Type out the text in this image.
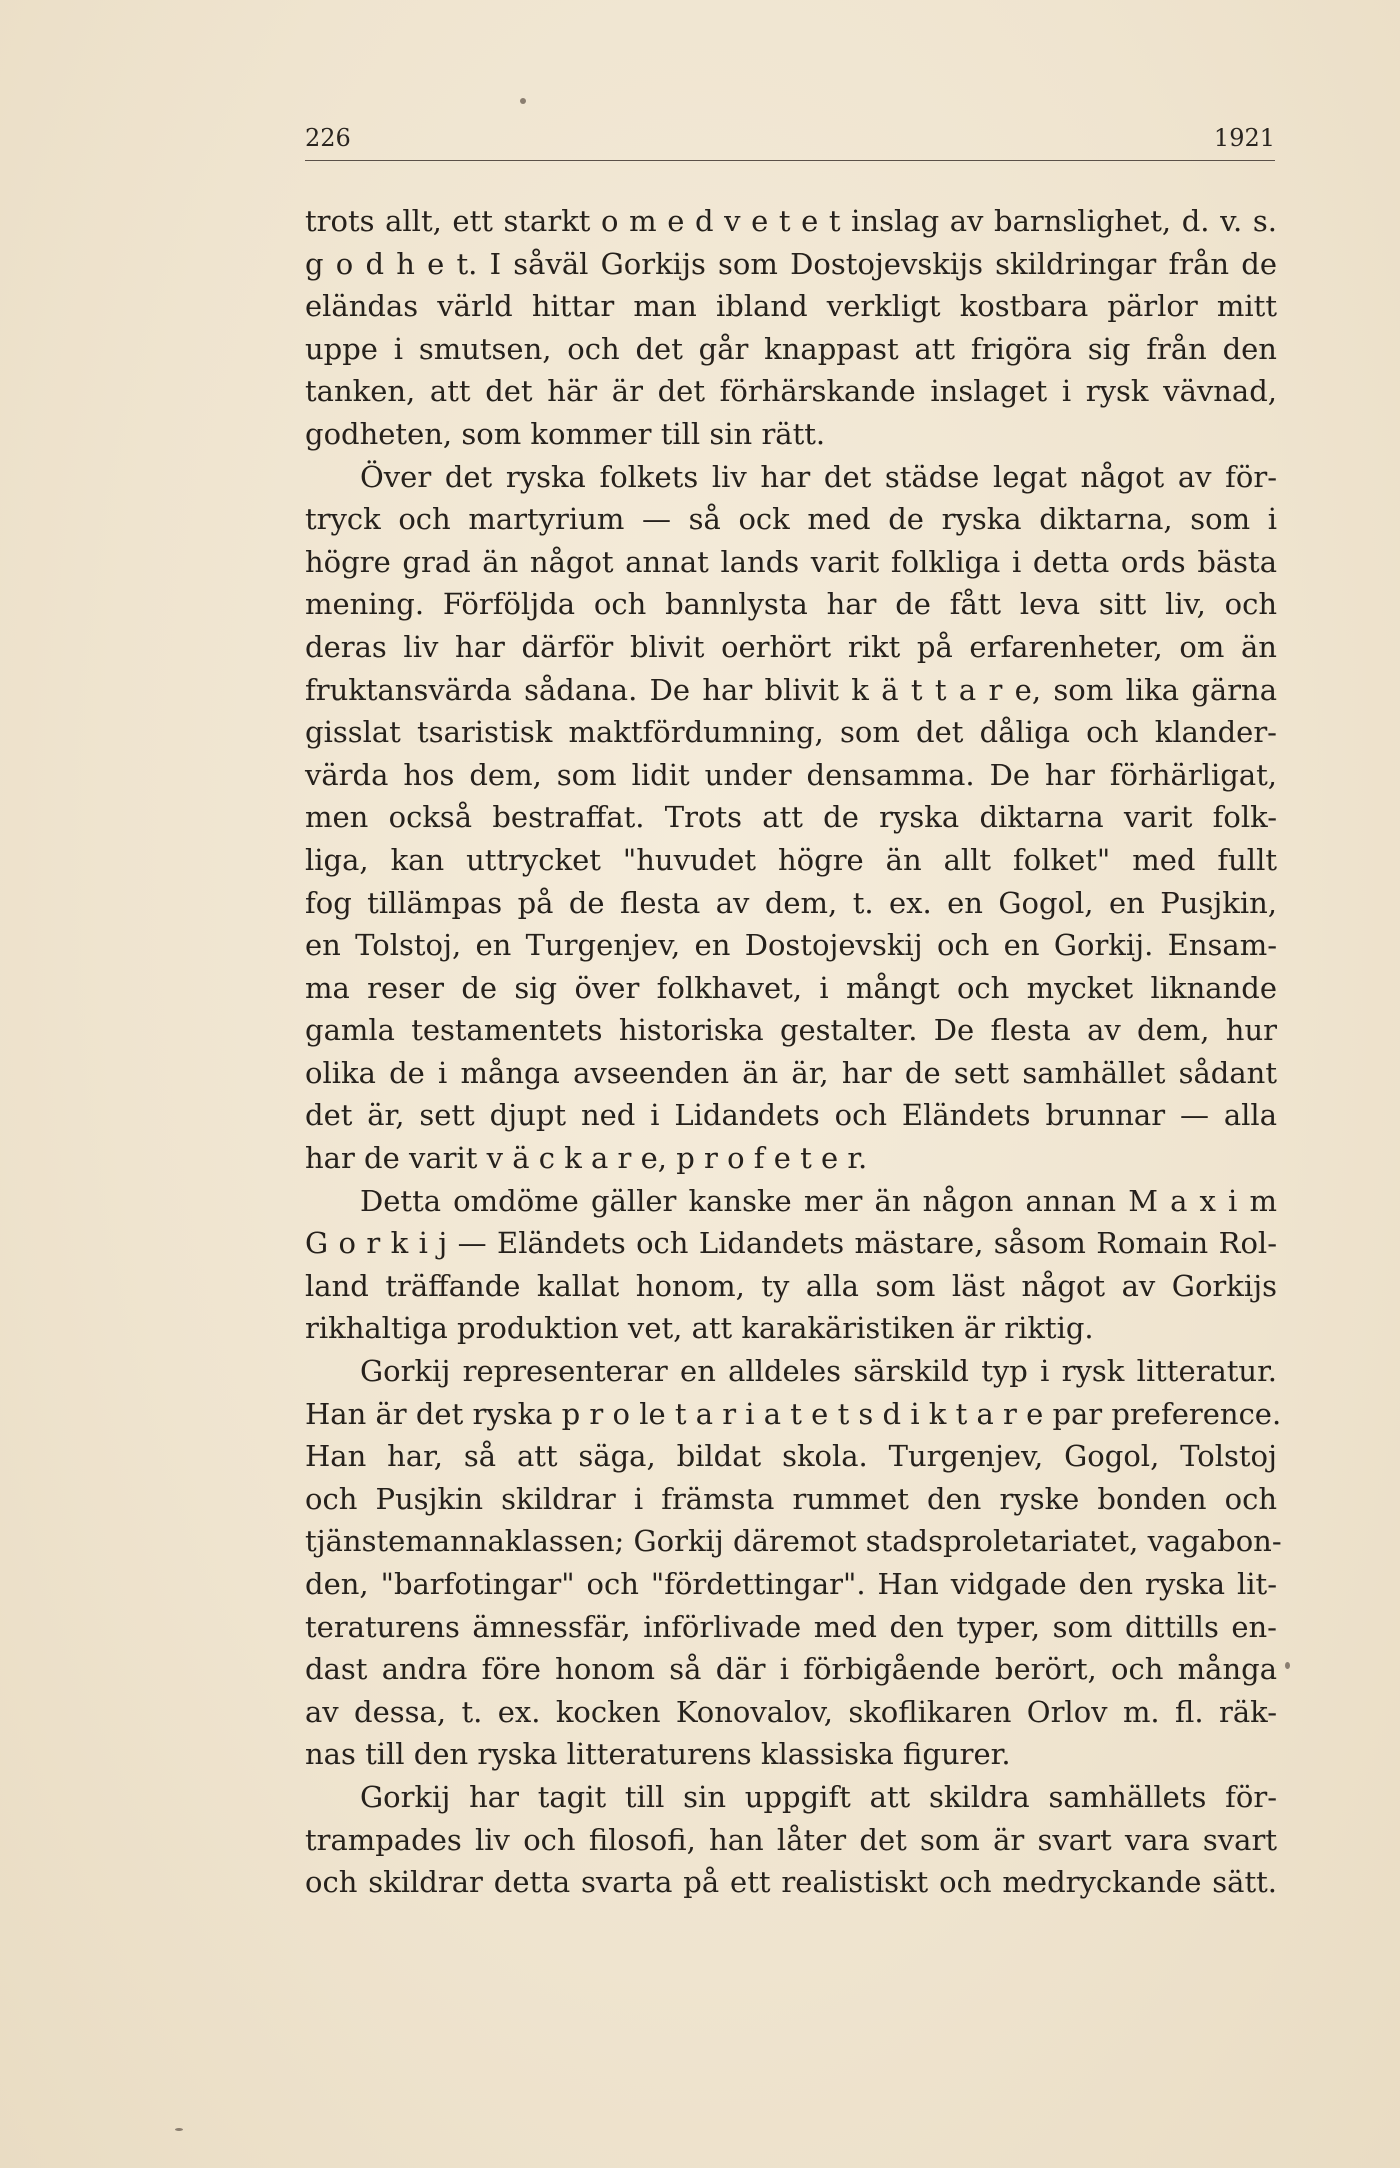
226	1921
trots allt, ett starkt o m e d v e t e t inslag av barnslighet, d. v. s.
g o d h e t. I såväl Gorkijs som Dostojevskijs skildringar från de
eländas värld hittar man ibland verkligt kostbara pärlor mitt
uppe i smutsen, och det går knappast att frigöra sig från den
tanken, att det här är det förhärskande inslaget i rysk vävnad,
godheten, som kommer till sin rätt.
Över det ryska folkets liv har det städse legat något av för-
tryck och martyrium — så ock med de ryska diktarna, som i
högre grad än något annat lands varit folkliga i detta ords bästa
mening. Förföljda och bannlysta har de fått leva sitt liv, och
deras liv har därför blivit oerhört rikt på erfarenheter, om än
fruktansvärda sådana. De har blivit k ä t t a r e, som lika gärna
gisslat tsaristisk maktfördumning, som det dåliga och klander-
värda hos dem, som lidit under densamma. De har förhärligat,
men också bestraffat. Trots att de ryska diktarna varit folk-
liga, kan uttrycket "huvudet högre än allt folket" med fullt
fog tillämpas på de flesta av dem, t. ex. en Gogol, en Pusjkin,
en Tolstoj, en Turgenjev, en Dostojevskij och en Gorkij. Ensam-
ma reser de sig över folkhavet, i mångt och mycket liknande
gamla testamentets historiska gestalter. De flesta av dem, hur
olika de i många avseenden än är, har de sett samhället sådant
det är, sett djupt ned i Lidandets och Eländets brunnar — alla
har de varit v ä c k a r e, p r o f e t e r.
Detta omdöme gäller kanske mer än någon annan M a x i m
G o r k i j — Eländets och Lidandets mästare, såsom Romain Rol-
land träffande kallat honom, ty alla som läst något av Gorkijs
rikhaltiga produktion vet, att karakäristiken är riktig.
Gorkij representerar en alldeles särskild typ i rysk litteratur.
Han är det ryska p r o le t a r i a t e t s d i k t a r e par preference.
Han har, så att säga, bildat skola. Turgenjev, Gogol, Tolstoj
och Pusjkin skildrar i främsta rummet den ryske bonden och
tjänstemannaklassen; Gorkij däremot stadsproletariatet, vagabon-
den, "barfotingar" och "fördettingar". Han vidgade den ryska lit-
teraturens ämnessfär, införlivade med den typer, som dittills en-
dast andra före honom så där i förbigående berört, och många
av dessa, t. ex. kocken Konovalov, skoflikaren Orlov m. fl. räk-
nas till den ryska litteraturens klassiska figurer.
Gorkij har tagit till sin uppgift att skildra samhällets för-
trampades liv och filosofi, han låter det som är svart vara svart
och skildrar detta svarta på ett realistiskt och medryckande sätt.
